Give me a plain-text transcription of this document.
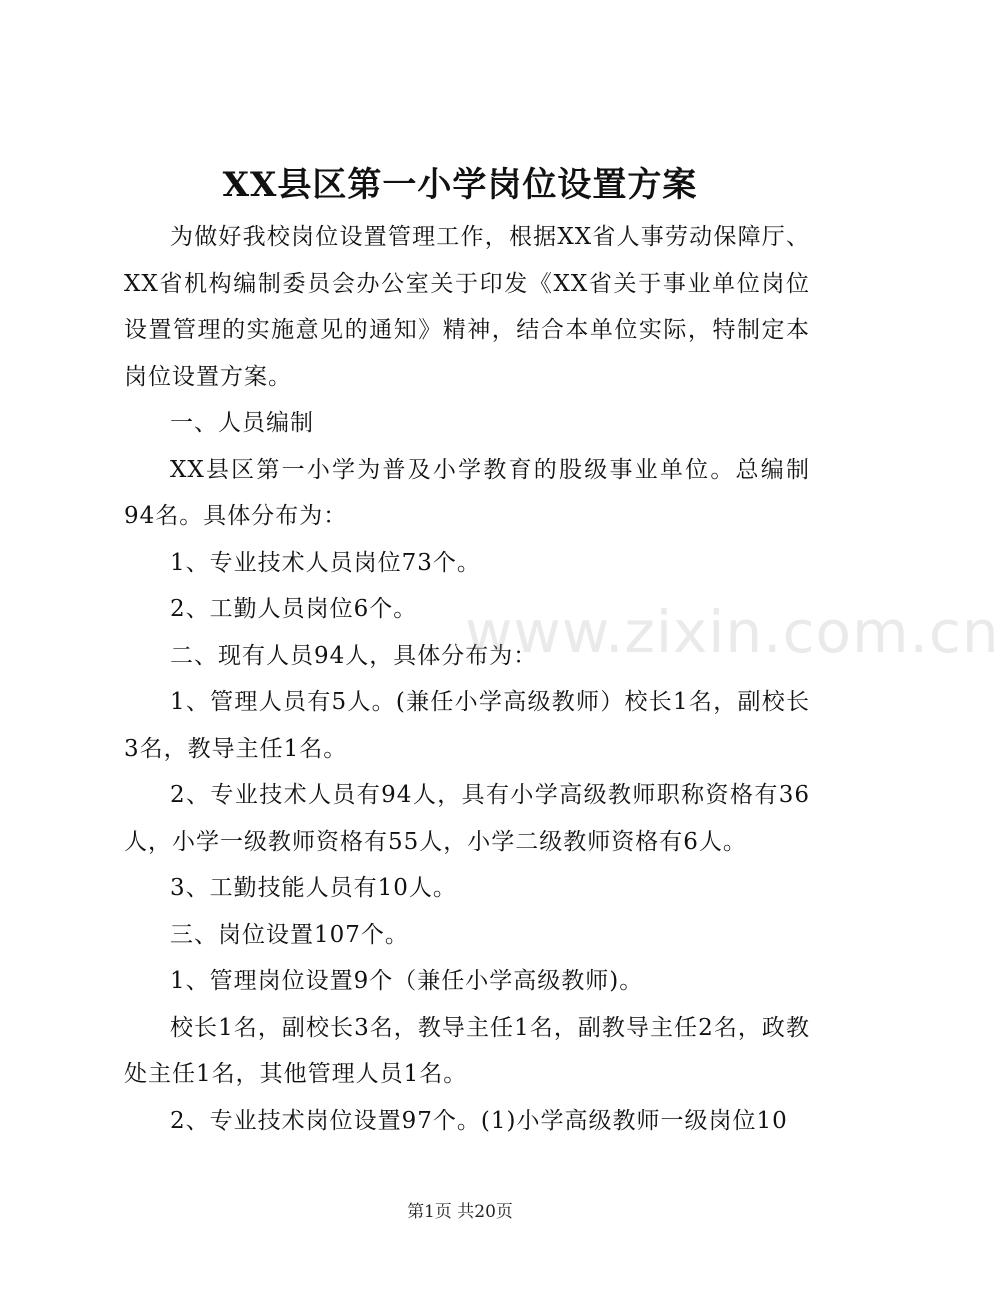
XX县区第一小学岗位设置方案

为做好我校岗位设置管理工作，根据XX省人事劳动保障厅、XX省机构编制委员会办公室关于印发《XX省关于事业单位岗位设置管理的实施意见的通知》精神，结合本单位实际，特制定本岗位设置方案。

一、人员编制

XX县区第一小学为普及小学教育的股级事业单位。总编制94名。具体分布为：

1、专业技术人员岗位73个。

2、工勤人员岗位6个。

二、现有人员94人，具体分布为：

1、管理人员有5人。(兼任小学高级教师）校长1名，副校长3名，教导主任1名。

2、专业技术人员有94人，具有小学高级教师职称资格有36人，小学一级教师资格有55人，小学二级教师资格有6人。

3、工勤技能人员有10人。

三、岗位设置107个。

1、管理岗位设置9个（兼任小学高级教师)。

校长1名，副校长3名，教导主任1名，副教导主任2名，政教处主任1名，其他管理人员1名。

2、专业技术岗位设置97个。(1)小学高级教师一级岗位10

www.zixin.com.cn
第1页 共20页
